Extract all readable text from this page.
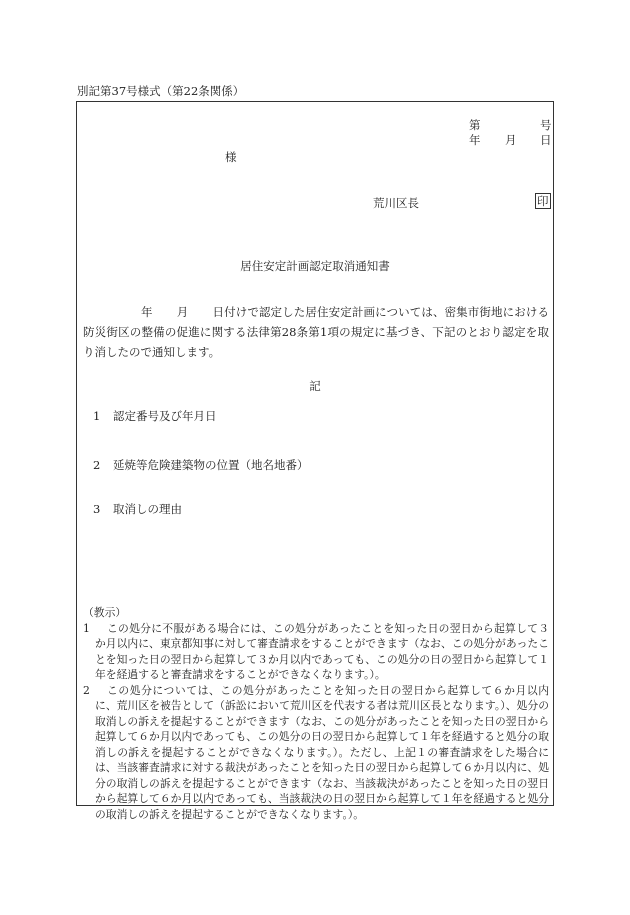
別記第37号様式（第22条関係）
第	号
年 月 日
様
荒川区長	印
居住安定計画認定取消通知書

年 月 日付けで認定した居住安定計画については、密集市街地における防災街区の整備の促進に関する法律第28条第1項の規定に基づき、下記のとおり認定を取り消したので通知します。

記
1 認定番号及び年月日
2 延焼等危険建築物の位置（地名地番）
3 取消しの理由
（教示）
1 この処分に不服がある場合には、この処分があったことを知った日の翌日から起算して３か月以内に、東京都知事に対して審査請求をすることができます（なお、この処分があったことを知った日の翌日から起算して３か月以内であっても、この処分の日の翌日から起算して１年を経過すると審査請求をすることができなくなります。）。
2 この処分については、この処分があったことを知った日の翌日から起算して６か月以内に、荒川区を被告として（訴訟において荒川区を代表する者は荒川区長となります。）、処分の取消しの訴えを提起することができます（なお、この処分があったことを知った日の翌日から起算して６か月以内であっても、この処分の日の翌日から起算して１年を経過すると処分の取消しの訴えを提起することができなくなります。）。ただし、上記１の審査請求をした場合には、当該審査請求に対する裁決があったことを知った日の翌日から起算して６か月以内に、処分の取消しの訴えを提起することができます（なお、当該裁決があったことを知った日の翌日から起算して６か月以内であっても、当該裁決の日の翌日から起算して１年を経過すると処分の取消しの訴えを提起することができなくなります。）。
